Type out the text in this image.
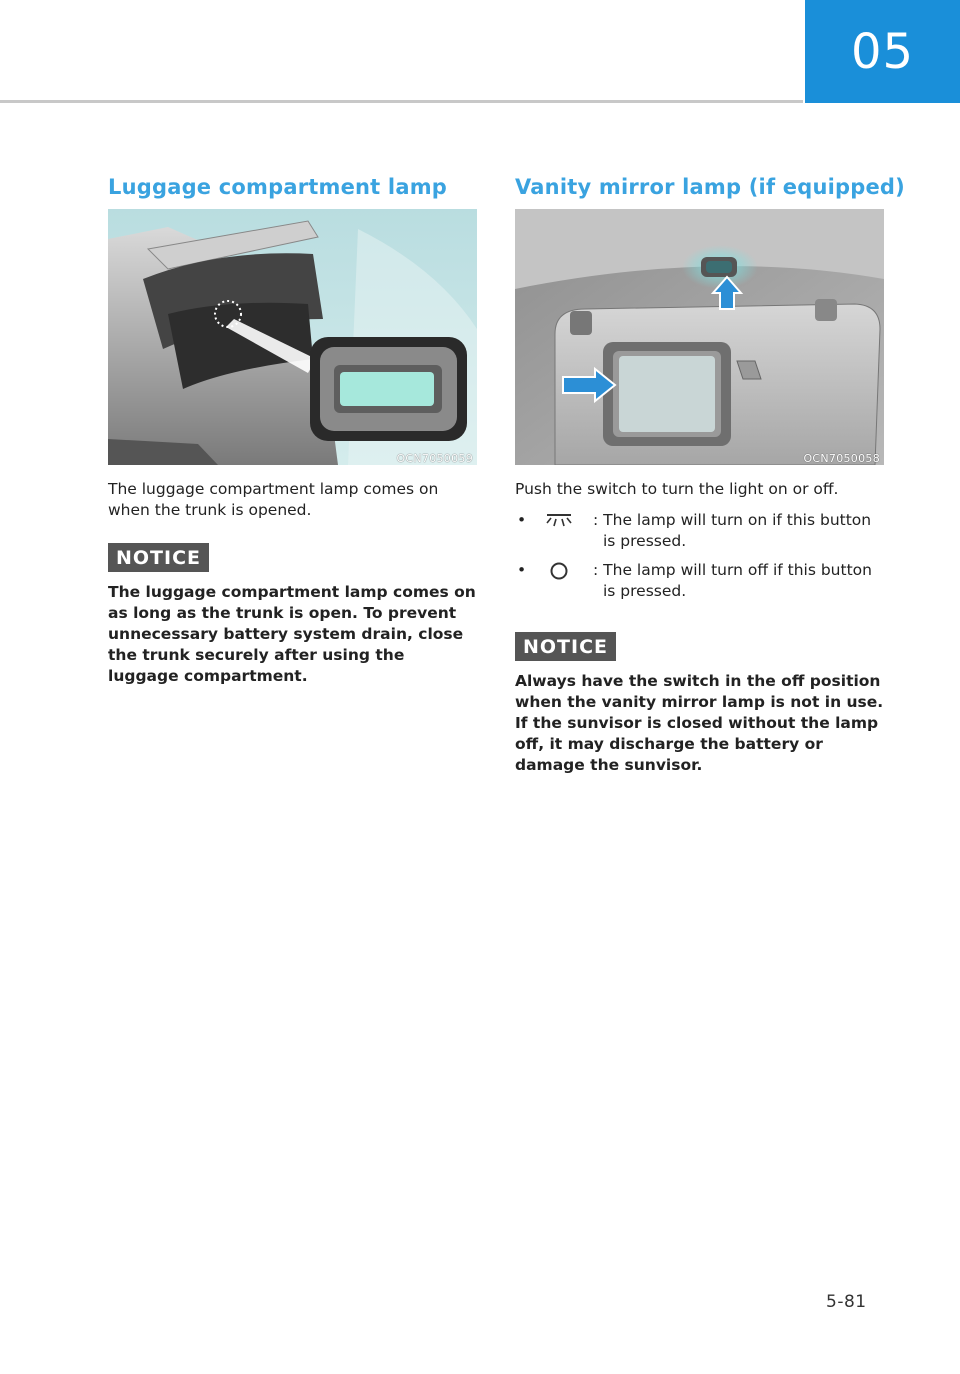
05
Luggage compartment lamp
OCN7050059

The luggage compartment lamp comes on when the trunk is opened.

NOTICE

The luggage compartment lamp comes on as long as the trunk is open. To prevent unnecessary battery system drain, close the trunk securely after using the luggage compartment.

Vanity mirror lamp (if equipped)
OCN7050058

Push the switch to turn the light on or off.

•	: The lamp will turn on if this button is pressed.
•	: The lamp will turn off if this button is pressed.
NOTICE

Always have the switch in the off position when the vanity mirror lamp is not in use. If the sunvisor is closed without the lamp off, it may discharge the battery or damage the sunvisor.

5-81
